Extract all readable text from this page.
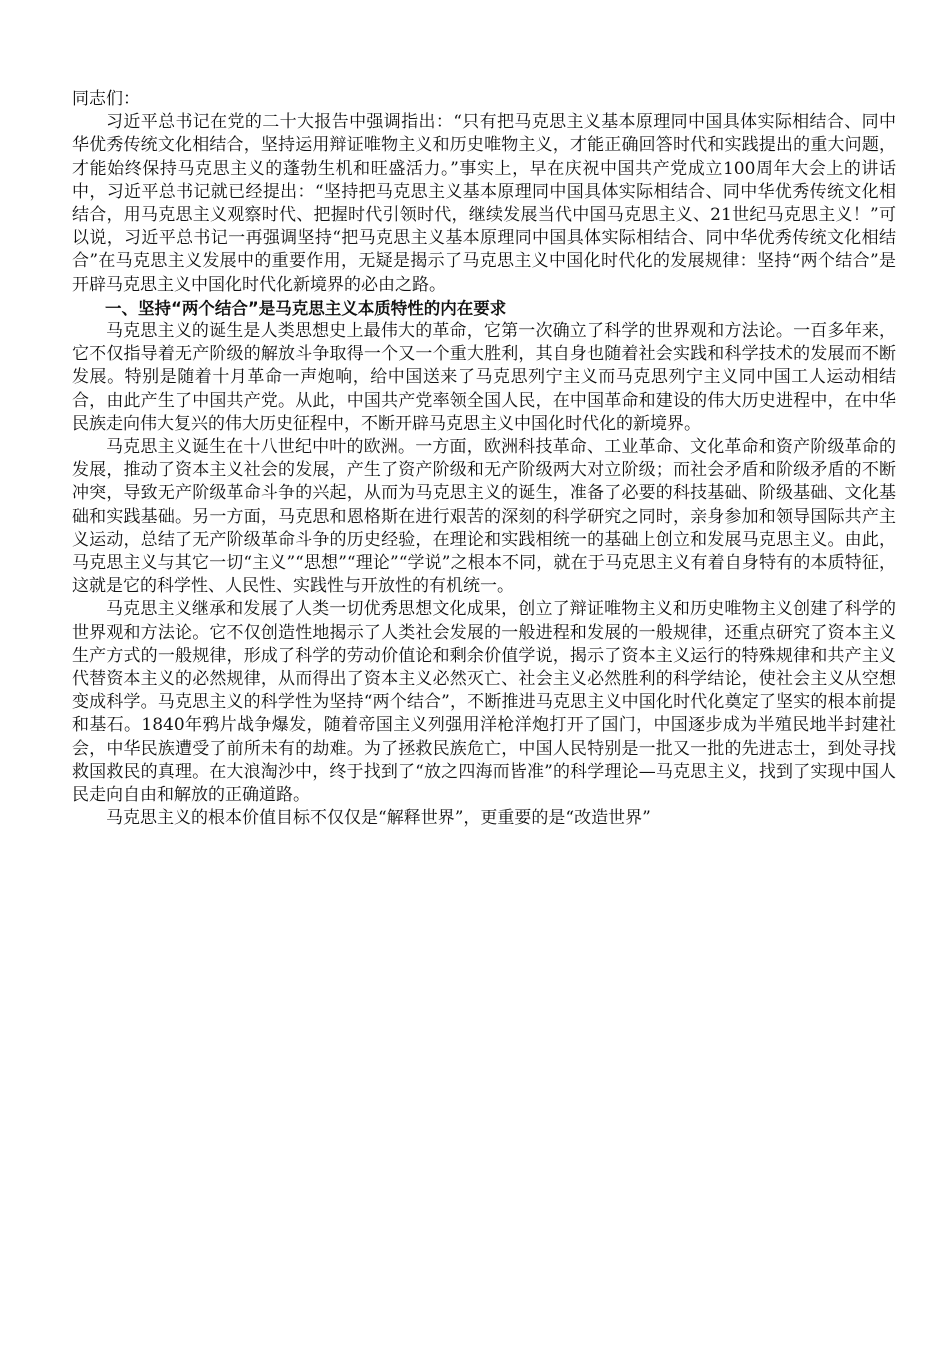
同志们：

习近平总书记在党的二十大报告中强调指出：“只有把马克思主义基本原理同中国具体实际相结合、同中华优秀传统文化相结合，坚持运用辩证唯物主义和历史唯物主义，才能正确回答时代和实践提出的重大问题，才能始终保持马克思主义的蓬勃生机和旺盛活力。”事实上，早在庆祝中国共产党成立100周年大会上的讲话中，习近平总书记就已经提出：“坚持把马克思主义基本原理同中国具体实际相结合、同中华优秀传统文化相结合，用马克思主义观察时代、把握时代引领时代，继续发展当代中国马克思主义、21世纪马克思主义！”可以说，习近平总书记一再强调坚持“把马克思主义基本原理同中国具体实际相结合、同中华优秀传统文化相结合”在马克思主义发展中的重要作用，无疑是揭示了马克思主义中国化时代化的发展规律：坚持“两个结合”是开辟马克思主义中国化时代化新境界的必由之路。

一、坚持“两个结合”是马克思主义本质特性的内在要求

马克思主义的诞生是人类思想史上最伟大的革命，它第一次确立了科学的世界观和方法论。一百多年来，它不仅指导着无产阶级的解放斗争取得一个又一个重大胜利，其自身也随着社会实践和科学技术的发展而不断发展。特别是随着十月革命一声炮响，给中国送来了马克思列宁主义而马克思列宁主义同中国工人运动相结合，由此产生了中国共产党。从此，中国共产党率领全国人民，在中国革命和建设的伟大历史进程中，在中华民族走向伟大复兴的伟大历史征程中，不断开辟马克思主义中国化时代化的新境界。

马克思主义诞生在十八世纪中叶的欧洲。一方面，欧洲科技革命、工业革命、文化革命和资产阶级革命的发展，推动了资本主义社会的发展，产生了资产阶级和无产阶级两大对立阶级；而社会矛盾和阶级矛盾的不断冲突，导致无产阶级革命斗争的兴起，从而为马克思主义的诞生，准备了必要的科技基础、阶级基础、文化基础和实践基础。另一方面，马克思和恩格斯在进行艰苦的深刻的科学研究之同时，亲身参加和领导国际共产主义运动，总结了无产阶级革命斗争的历史经验，在理论和实践相统一的基础上创立和发展马克思主义。由此，马克思主义与其它一切“主义”“思想”“理论”“学说”之根本不同，就在于马克思主义有着自身特有的本质特征，这就是它的科学性、人民性、实践性与开放性的有机统一。

马克思主义继承和发展了人类一切优秀思想文化成果，创立了辩证唯物主义和历史唯物主义创建了科学的世界观和方法论。它不仅创造性地揭示了人类社会发展的一般进程和发展的一般规律，还重点研究了资本主义生产方式的一般规律，形成了科学的劳动价值论和剩余价值学说，揭示了资本主义运行的特殊规律和共产主义代替资本主义的必然规律，从而得出了资本主义必然灭亡、社会主义必然胜利的科学结论，使社会主义从空想变成科学。马克思主义的科学性为坚持“两个结合”，不断推进马克思主义中国化时代化奠定了坚实的根本前提和基石。1840年鸦片战争爆发，随着帝国主义列强用洋枪洋炮打开了国门，中国逐步成为半殖民地半封建社会，中华民族遭受了前所未有的劫难。为了拯救民族危亡，中国人民特别是一批又一批的先进志士，到处寻找救国救民的真理。在大浪淘沙中，终于找到了“放之四海而皆准”的科学理论—马克思主义，找到了实现中国人民走向自由和解放的正确道路。

马克思主义的根本价值目标不仅仅是“解释世界”，更重要的是“改造世界”
